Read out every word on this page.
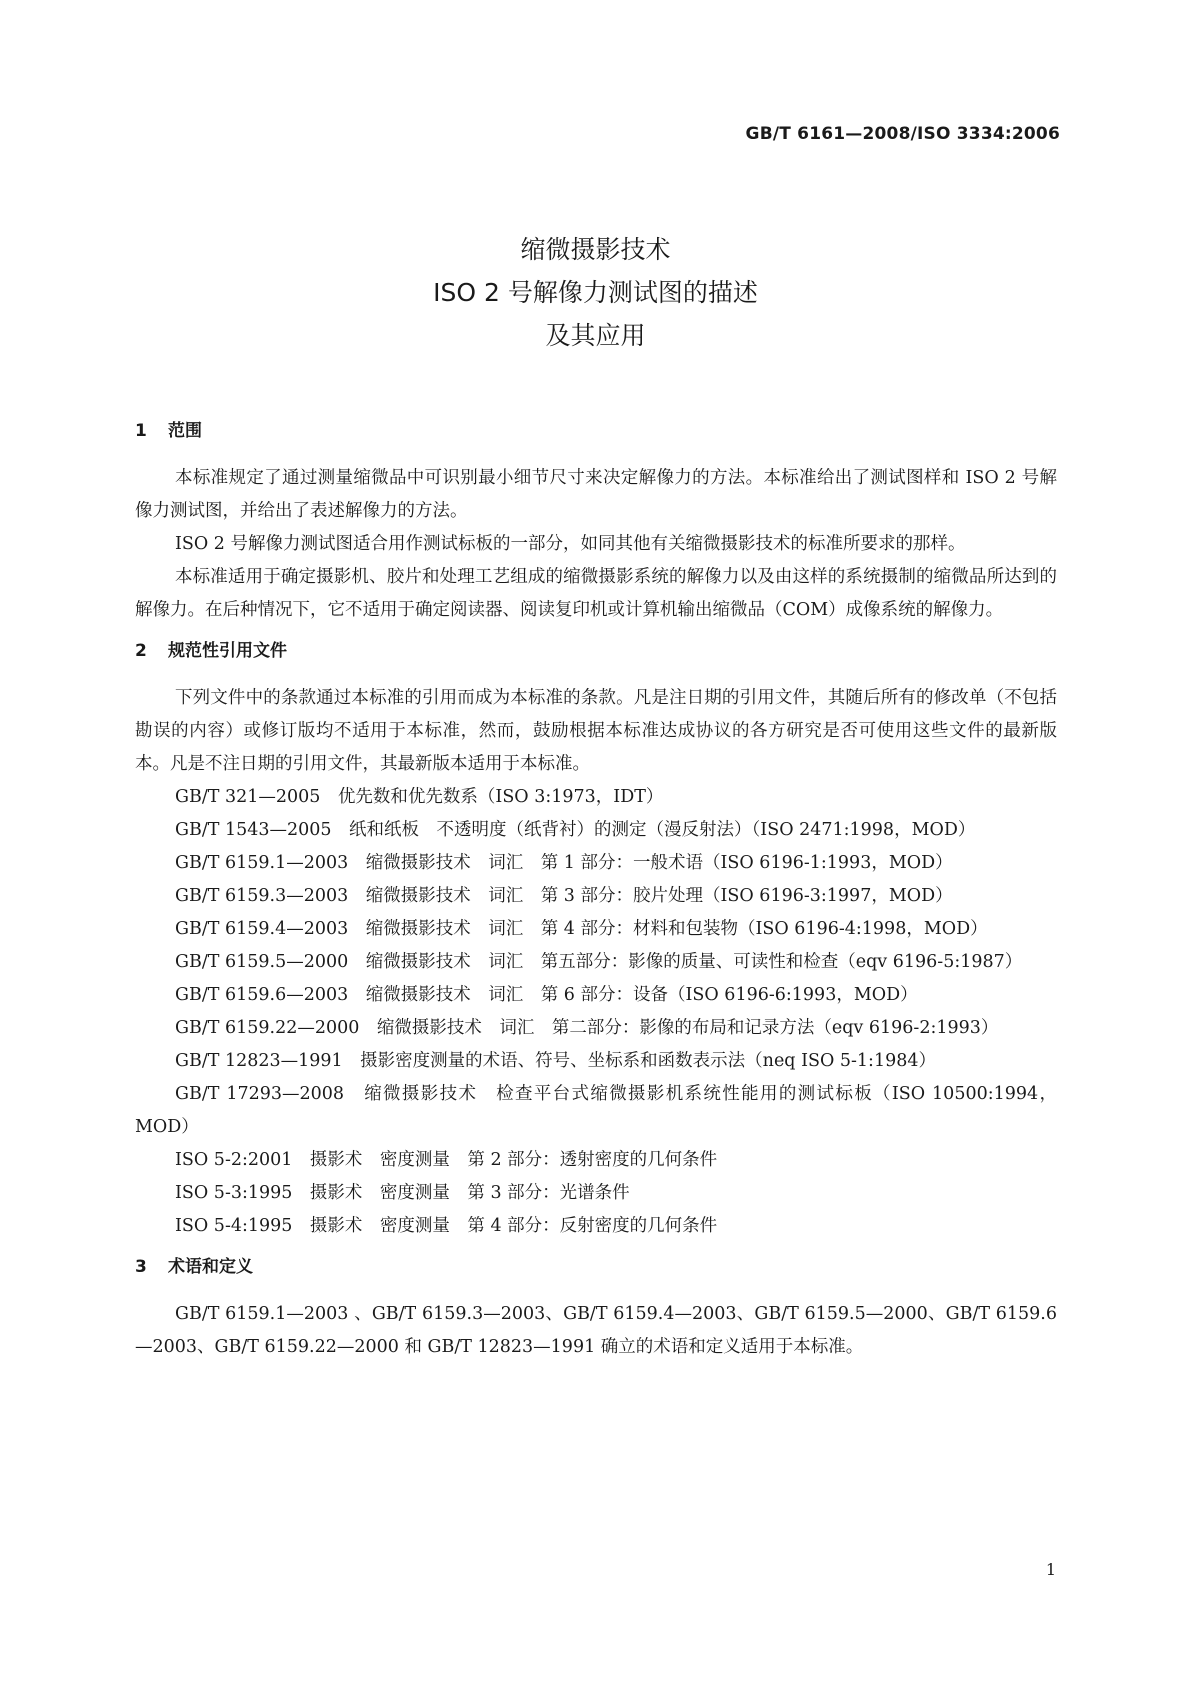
GB/T 6161—2008/ISO 3334:2006
缩微摄影技术
ISO 2 号解像力测试图的描述
及其应用
1 范围

本标准规定了通过测量缩微品中可识别最小细节尺寸来决定解像力的方法。本标准给出了测试图样和 ISO 2 号解像力测试图，并给出了表述解像力的方法。

ISO 2 号解像力测试图适合用作测试标板的一部分，如同其他有关缩微摄影技术的标准所要求的那样。

本标准适用于确定摄影机、胶片和处理工艺组成的缩微摄影系统的解像力以及由这样的系统摄制的缩微品所达到的解像力。在后种情况下，它不适用于确定阅读器、阅读复印机或计算机输出缩微品（COM）成像系统的解像力。

2 规范性引用文件

下列文件中的条款通过本标准的引用而成为本标准的条款。凡是注日期的引用文件，其随后所有的修改单（不包括勘误的内容）或修订版均不适用于本标准，然而，鼓励根据本标准达成协议的各方研究是否可使用这些文件的最新版本。凡是不注日期的引用文件，其最新版本适用于本标准。

GB/T 321—2005　优先数和优先数系（ISO 3:1973，IDT）

GB/T 1543—2005　纸和纸板　不透明度（纸背衬）的测定（漫反射法）（ISO 2471:1998，MOD）

GB/T 6159.1—2003　缩微摄影技术　词汇　第 1 部分：一般术语（ISO 6196-1:1993，MOD）

GB/T 6159.3—2003　缩微摄影技术　词汇　第 3 部分：胶片处理（ISO 6196-3:1997，MOD）

GB/T 6159.4—2003　缩微摄影技术　词汇　第 4 部分：材料和包装物（ISO 6196-4:1998，MOD）

GB/T 6159.5—2000　缩微摄影技术　词汇　第五部分：影像的质量、可读性和检查（eqv 6196-5:1987）

GB/T 6159.6—2003　缩微摄影技术　词汇　第 6 部分：设备（ISO 6196-6:1993，MOD）

GB/T 6159.22—2000　缩微摄影技术　词汇　第二部分：影像的布局和记录方法（eqv 6196-2:1993）

GB/T 12823—1991　摄影密度测量的术语、符号、坐标系和函数表示法（neq ISO 5-1:1984）

GB/T 17293—2008　缩微摄影技术　检查平台式缩微摄影机系统性能用的测试标板（ISO 10500:1994，MOD）

ISO 5-2:2001　摄影术　密度测量　第 2 部分：透射密度的几何条件

ISO 5-3:1995　摄影术　密度测量　第 3 部分：光谱条件

ISO 5-4:1995　摄影术　密度测量　第 4 部分：反射密度的几何条件

3 术语和定义

GB/T 6159.1—2003 、GB/T 6159.3—2003、GB/T 6159.4—2003、GB/T 6159.5—2000、GB/T 6159.6—2003、GB/T 6159.22—2000 和 GB/T 12823—1991 确立的术语和定义适用于本标准。

1
